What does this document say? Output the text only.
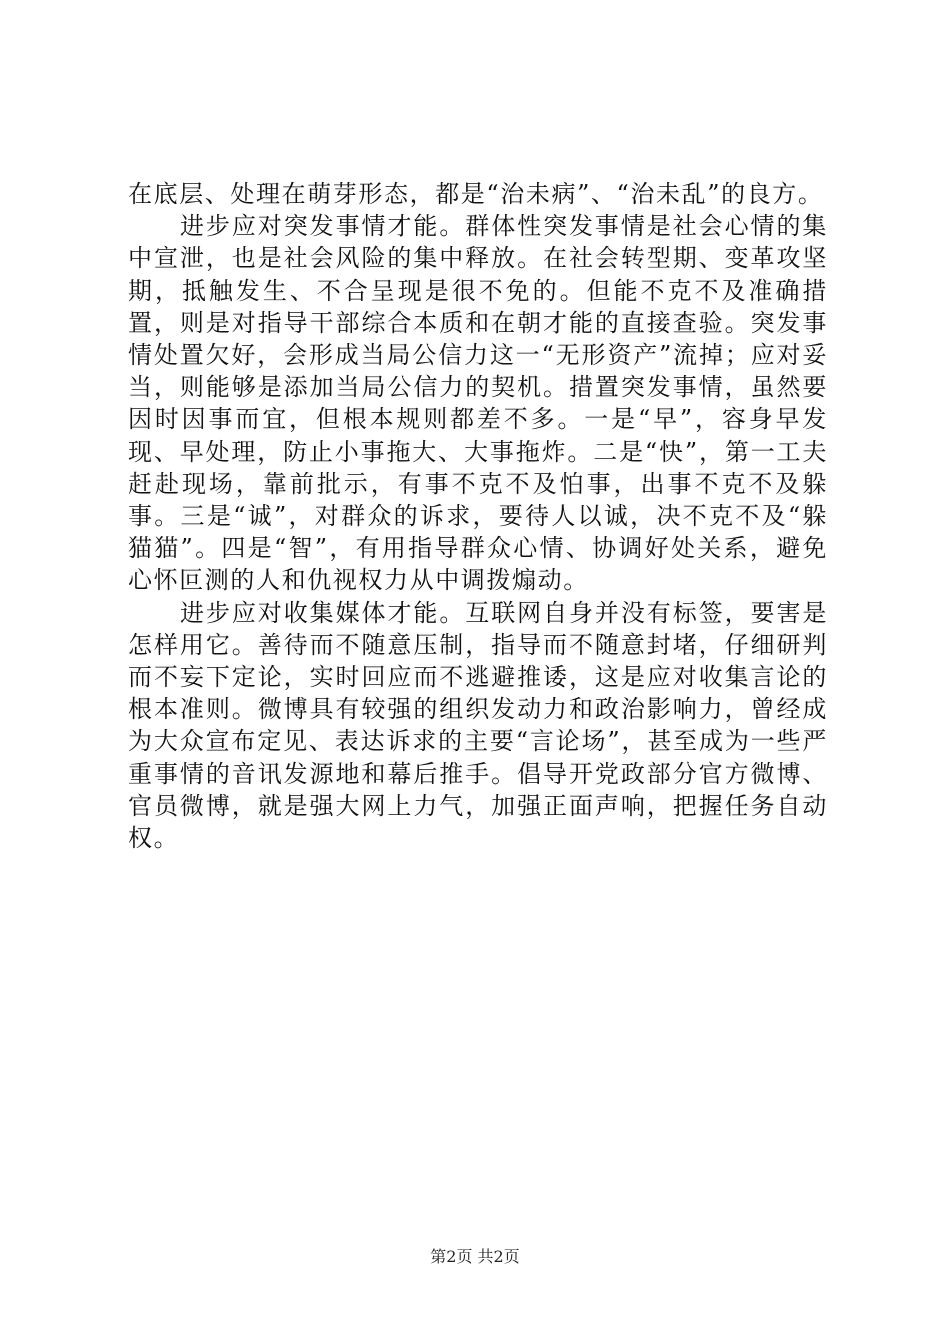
在底层、处理在萌芽形态，都是“治未病”、“治未乱”的良方。

进步应对突发事情才能。群体性突发事情是社会心情的集中宣泄，也是社会风险的集中释放。在社会转型期、变革攻坚期，抵触发生、不合呈现是很不免的。但能不克不及准确措置，则是对指导干部综合本质和在朝才能的直接查验。突发事情处置欠好，会形成当局公信力这一“无形资产”流掉；应对妥当，则能够是添加当局公信力的契机。措置突发事情，虽然要因时因事而宜，但根本规则都差不多。一是“早”，容身早发现、早处理，防止小事拖大、大事拖炸。二是“快”，第一工夫赶赴现场，靠前批示，有事不克不及怕事，出事不克不及躲事。三是“诚”，对群众的诉求，要待人以诚，决不克不及“躲猫猫”。四是“智”，有用指导群众心情、协调好处关系，避免心怀叵测的人和仇视权力从中调拨煽动。

进步应对收集媒体才能。互联网自身并没有标签，要害是怎样用它。善待而不随意压制，指导而不随意封堵，仔细研判而不妄下定论，实时回应而不逃避推诿，这是应对收集言论的根本准则。微博具有较强的组织发动力和政治影响力，曾经成为大众宣布定见、表达诉求的主要“言论场”，甚至成为一些严重事情的音讯发源地和幕后推手。倡导开党政部分官方微博、官员微博，就是强大网上力气，加强正面声响，把握任务自动权。

第2页 共2页
